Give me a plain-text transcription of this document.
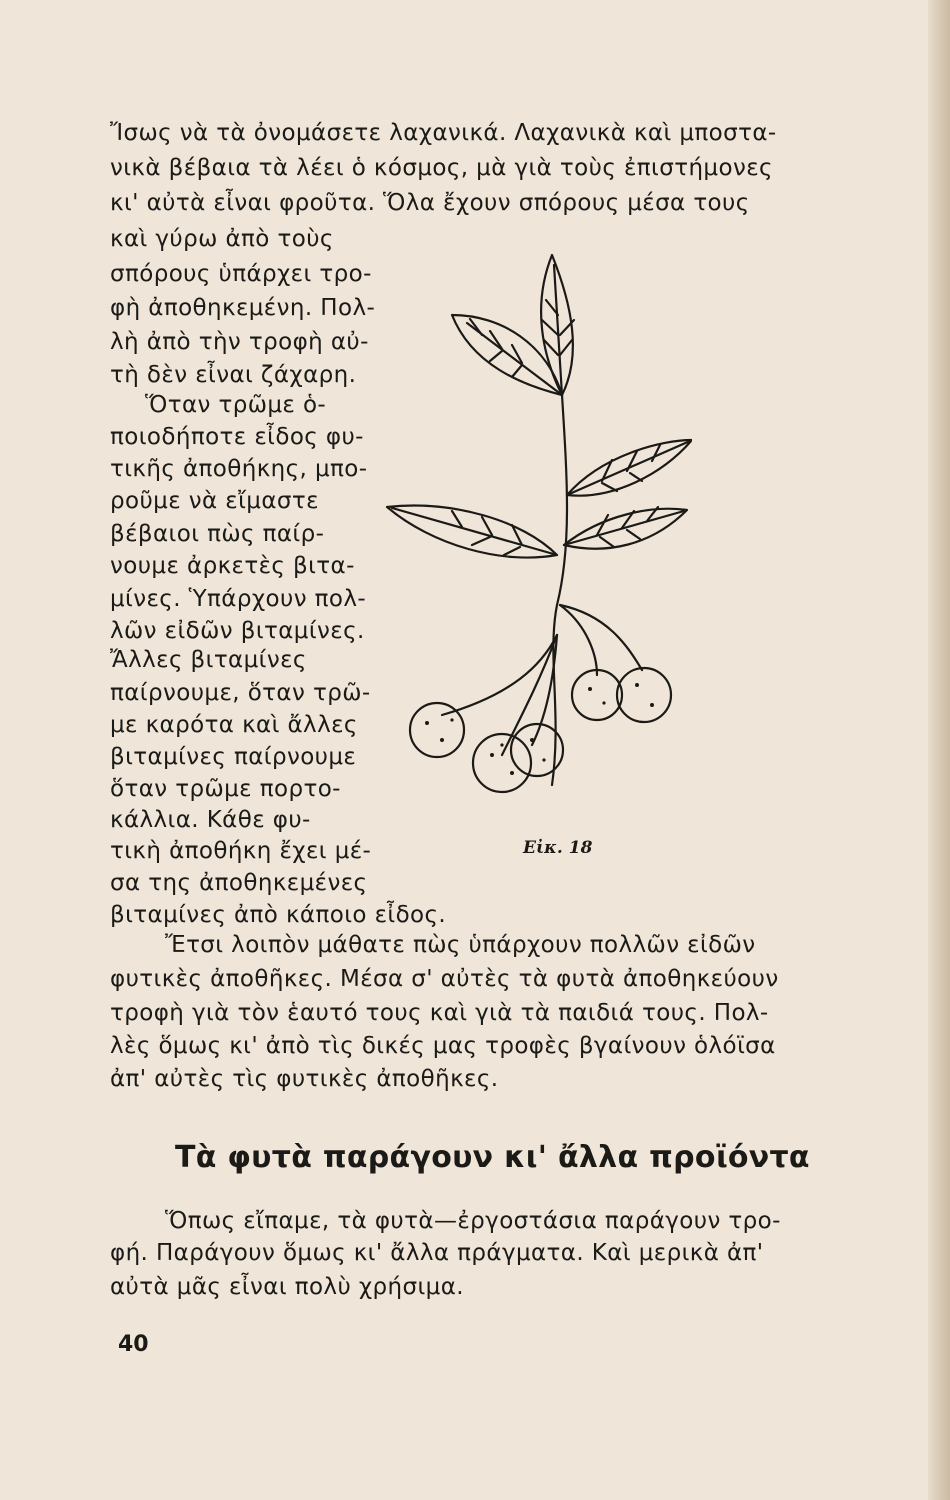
Ἴσως νὰ τὰ ὀνομάσετε λαχανικά. Λαχανικὰ καὶ μποστα-
νικὰ βέβαια τὰ λέει ὁ κόσμος, μὰ γιὰ τοὺς ἐπιστήμονες
κι' αὐτὰ εἶναι φροῦτα. Ὅλα ἔχουν σπόρους μέσα τους
καὶ γύρω ἀπὸ τοὺς
σπόρους ὑπάρχει τρο-
φὴ ἀποθηκεμένη. Πολ-
λὴ ἀπὸ τὴν τροφὴ αὐ-
τὴ δὲν εἶναι ζάχαρη.
Ὅταν τρῶμε ὁ-
ποιοδήποτε εἶδος φυ-
τικῆς ἀποθήκης, μπο-
ροῦμε νὰ εἴμαστε
βέβαιοι πὼς παίρ-
νουμε ἀρκετὲς βιτα-
μίνες. Ὑπάρχουν πολ-
λῶν εἰδῶν βιταμίνες.
Ἄλλες βιταμίνες
παίρνουμε, ὅταν τρῶ-
με καρότα καὶ ἄλλες
βιταμίνες παίρνουμε
ὅταν τρῶμε πορτο-
κάλλια. Κάθε φυ-
τικὴ ἀποθήκη ἔχει μέ-
σα της ἀποθηκεμένες
βιταμίνες ἀπὸ κάποιο εἶδος.
Ἔτσι λοιπὸν μάθατε πὼς ὑπάρχουν πολλῶν εἰδῶν
φυτικὲς ἀποθῆκες. Μέσα σ' αὐτὲς τὰ φυτὰ ἀποθηκεύουν
τροφὴ γιὰ τὸν ἑαυτό τους καὶ γιὰ τὰ παιδιά τους. Πολ-
λὲς ὅμως κι' ἀπὸ τὶς δικές μας τροφὲς βγαίνουν ὁλόϊσα
ἀπ' αὐτὲς τὶς φυτικὲς ἀποθῆκες.
Εἰκ. 18
Τὰ φυτὰ παράγουν κι' ἄλλα προϊόντα
Ὅπως εἴπαμε, τὰ φυτὰ—ἐργοστάσια παράγουν τρο-
φή. Παράγουν ὅμως κι' ἄλλα πράγματα. Καὶ μερικὰ ἀπ'
αὐτὰ μᾶς εἶναι πολὺ χρήσιμα.
40
